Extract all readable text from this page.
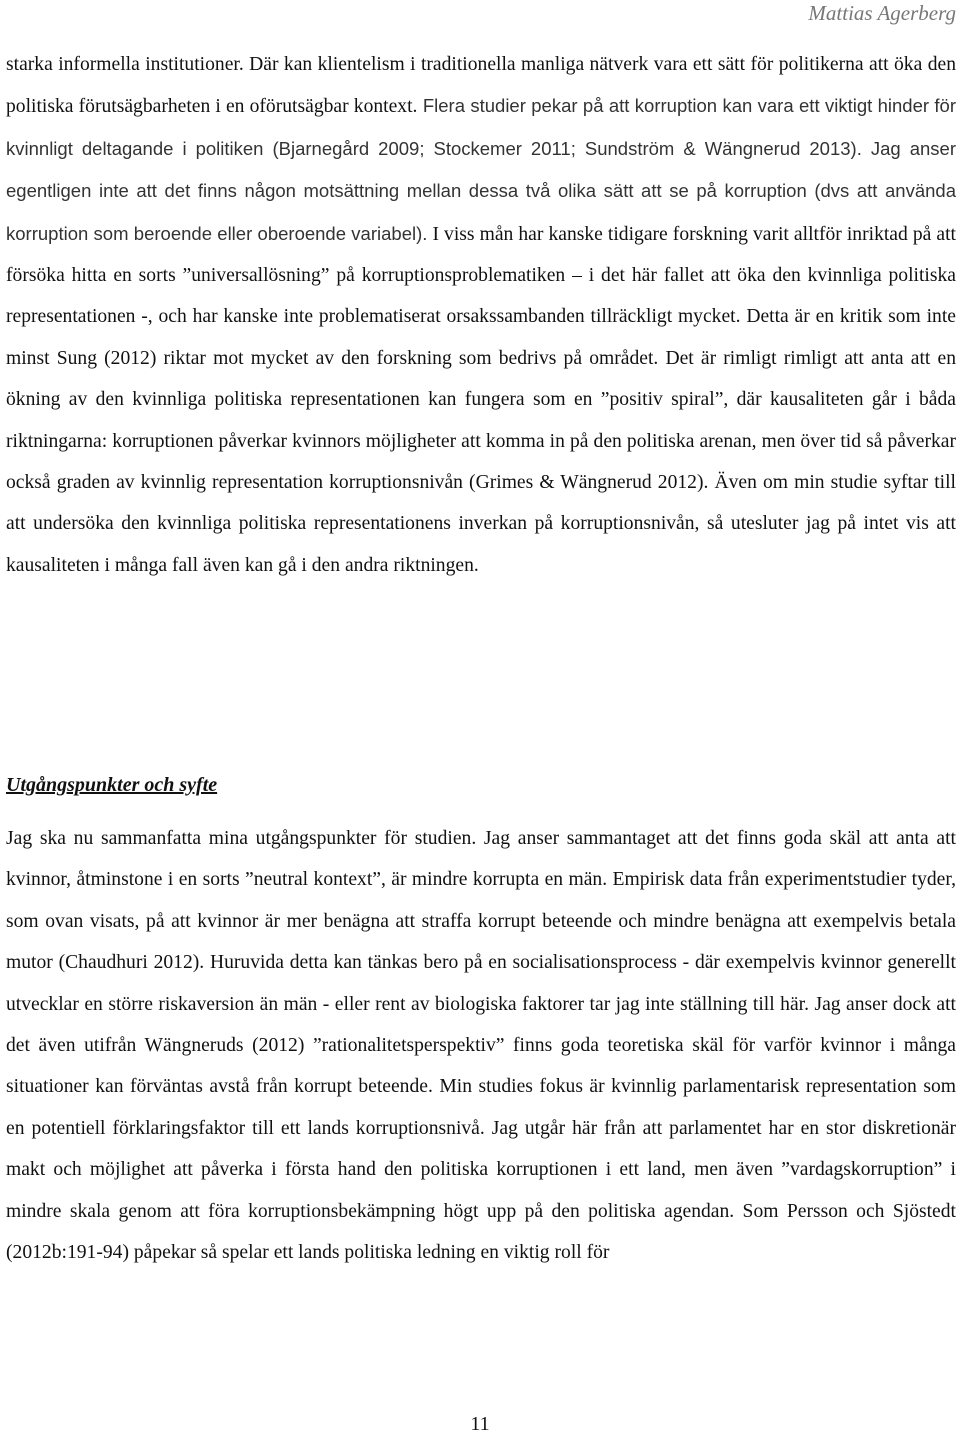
Mattias Agerberg

starka informella institutioner. Där kan klientelism i traditionella manliga nätverk vara ett sätt för politikerna att öka den politiska förutsägbarheten i en oförutsägbar kontext. Flera studier pekar på att korruption kan vara ett viktigt hinder för kvinnligt deltagande i politiken (Bjarnegård 2009; Stockemer 2011; Sundström & Wängnerud 2013). Jag anser egentligen inte att det finns någon motsättning mellan dessa två olika sätt att se på korruption (dvs att använda korruption som beroende eller oberoende variabel). I viss mån har kanske tidigare forskning varit alltför inriktad på att försöka hitta en sorts ”universallösning” på korruptionsproblematiken – i det här fallet att öka den kvinnliga politiska representationen -, och har kanske inte problematiserat orsakssambanden tillräckligt mycket. Detta är en kritik som inte minst Sung (2012) riktar mot mycket av den forskning som bedrivs på området. Det är rimligt rimligt att anta att en ökning av den kvinnliga politiska representationen kan fungera som en ”positiv spiral”, där kausaliteten går i båda riktningarna: korruptionen påverkar kvinnors möjligheter att komma in på den politiska arenan, men över tid så påverkar också graden av kvinnlig representation korruptionsnivån (Grimes & Wängnerud 2012). Även om min studie syftar till att undersöka den kvinnliga politiska representationens inverkan på korruptionsnivån, så utesluter jag på intet vis att kausaliteten i många fall även kan gå i den andra riktningen.

Utgångspunkter och syfte

Jag ska nu sammanfatta mina utgångspunkter för studien. Jag anser sammantaget att det finns goda skäl att anta att kvinnor, åtminstone i en sorts ”neutral kontext”, är mindre korrupta en män. Empirisk data från experimentstudier tyder, som ovan visats, på att kvinnor är mer benägna att straffa korrupt beteende och mindre benägna att exempelvis betala mutor (Chaudhuri 2012). Huruvida detta kan tänkas bero på en socialisationsprocess - där exempelvis kvinnor generellt utvecklar en större riskaversion än män - eller rent av biologiska faktorer tar jag inte ställning till här. Jag anser dock att det även utifrån Wängneruds (2012) ”rationalitetsperspektiv” finns goda teoretiska skäl för varför kvinnor i många situationer kan förväntas avstå från korrupt beteende. Min studies fokus är kvinnlig parlamentarisk representation som en potentiell förklaringsfaktor till ett lands korruptionsnivå. Jag utgår här från att parlamentet har en stor diskretionär makt och möjlighet att påverka i första hand den politiska korruptionen i ett land, men även ”vardagskorruption” i mindre skala genom att föra korruptionsbekämpning högt upp på den politiska agendan. Som Persson och Sjöstedt (2012b:191-94) påpekar så spelar ett lands politiska ledning en viktig roll för

11
